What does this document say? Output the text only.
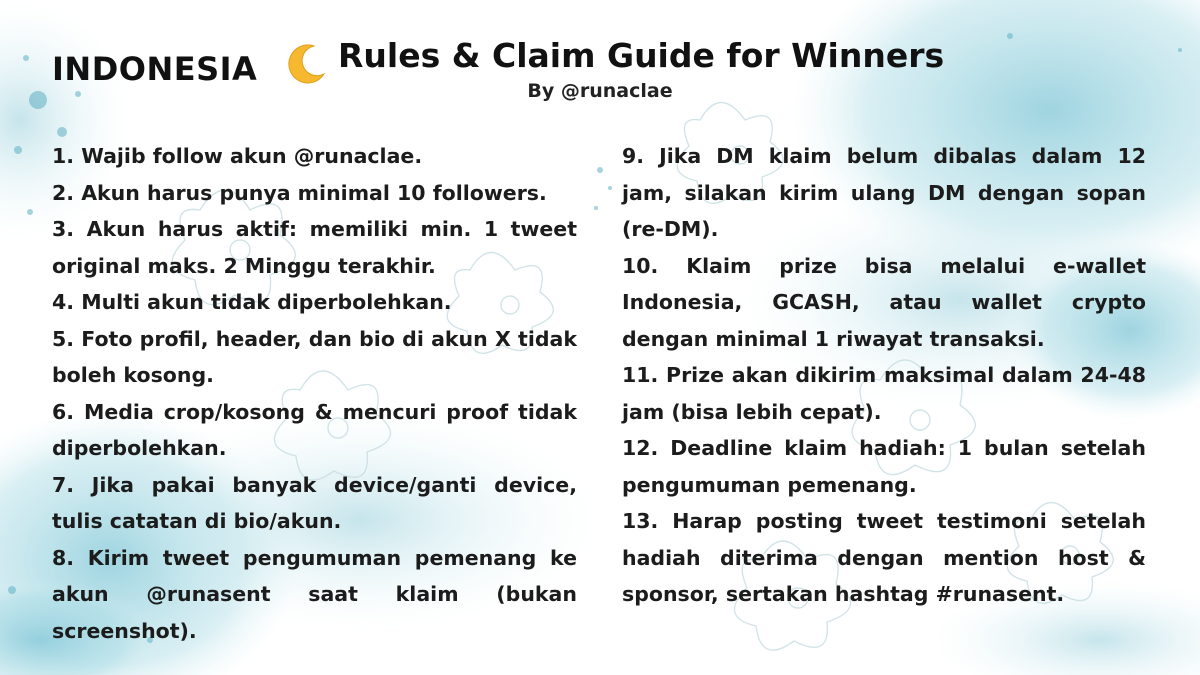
INDONESIA Rules & Claim Guide for Winners
By @runaclae
1. Wajib follow akun @runaclae.
2. Akun harus punya minimal 10 followers.
3. Akun harus aktif: memiliki min. 1 tweet original maks. 2 Minggu terakhir.
4. Multi akun tidak diperbolehkan.
5. Foto profil, header, dan bio di akun X tidak boleh kosong.
6. Media crop/kosong & mencuri proof tidak diperbolehkan.
7. Jika pakai banyak device/ganti device, tulis catatan di bio/akun.
8. Kirim tweet pengumuman pemenang ke akun @runasent saat klaim (bukan screenshot).
9. Jika DM klaim belum dibalas dalam 12 jam, silakan kirim ulang DM dengan sopan (re-DM).
10. Klaim prize bisa melalui e-wallet Indonesia, GCASH, atau wallet crypto dengan minimal 1 riwayat transaksi.
11. Prize akan dikirim maksimal dalam 24-48 jam (bisa lebih cepat).
12. Deadline klaim hadiah: 1 bulan setelah pengumuman pemenang.
13. Harap posting tweet testimoni setelah hadiah diterima dengan mention host & sponsor, sertakan hashtag #runasent.
